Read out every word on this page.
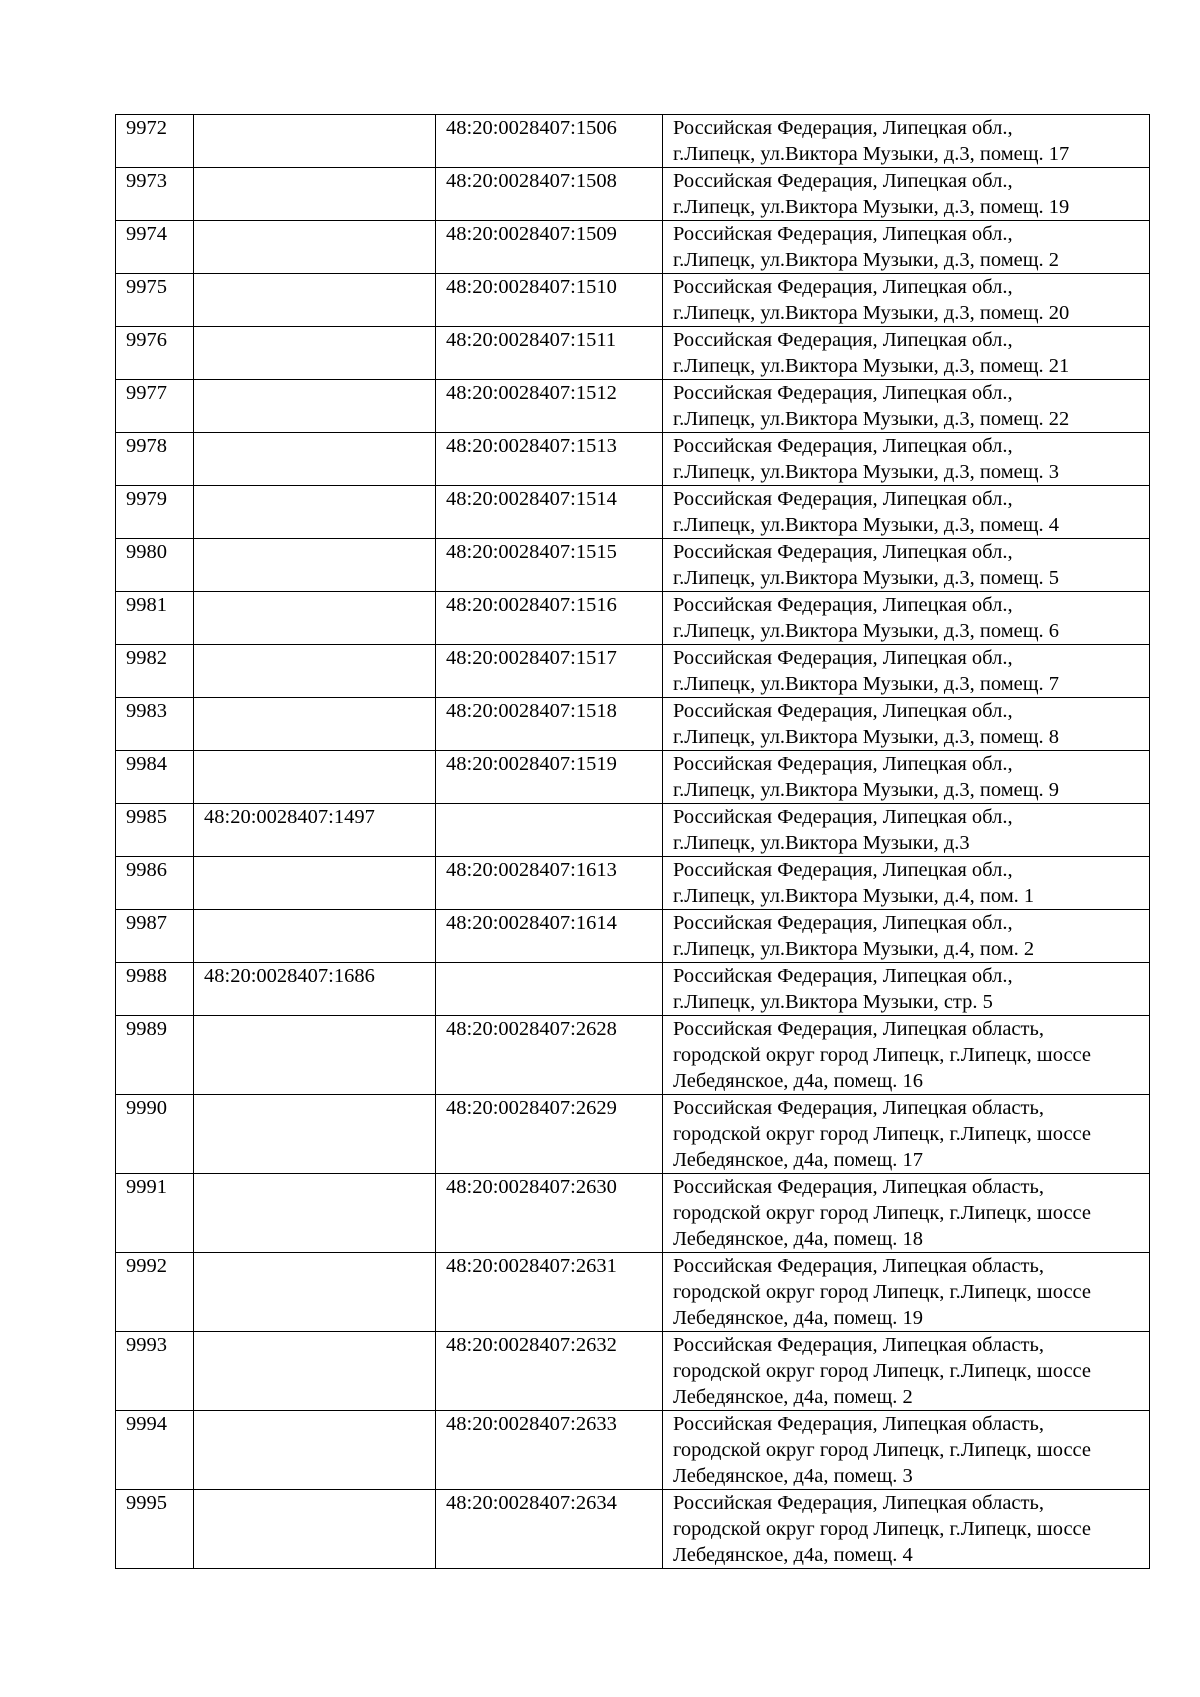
9972		48:20:0028407:1506	Российская Федерация, Липецкая обл.,
г.Липецк, ул.Виктора Музыки, д.3, помещ. 17

9973		48:20:0028407:1508	Российская Федерация, Липецкая обл.,
г.Липецк, ул.Виктора Музыки, д.3, помещ. 19

9974		48:20:0028407:1509	Российская Федерация, Липецкая обл.,
г.Липецк, ул.Виктора Музыки, д.3, помещ. 2

9975		48:20:0028407:1510	Российская Федерация, Липецкая обл.,
г.Липецк, ул.Виктора Музыки, д.3, помещ. 20

9976		48:20:0028407:1511	Российская Федерация, Липецкая обл.,
г.Липецк, ул.Виктора Музыки, д.3, помещ. 21

9977		48:20:0028407:1512	Российская Федерация, Липецкая обл.,
г.Липецк, ул.Виктора Музыки, д.3, помещ. 22

9978		48:20:0028407:1513	Российская Федерация, Липецкая обл.,
г.Липецк, ул.Виктора Музыки, д.3, помещ. 3

9979		48:20:0028407:1514	Российская Федерация, Липецкая обл.,
г.Липецк, ул.Виктора Музыки, д.3, помещ. 4

9980		48:20:0028407:1515	Российская Федерация, Липецкая обл.,
г.Липецк, ул.Виктора Музыки, д.3, помещ. 5

9981		48:20:0028407:1516	Российская Федерация, Липецкая обл.,
г.Липецк, ул.Виктора Музыки, д.3, помещ. 6

9982		48:20:0028407:1517	Российская Федерация, Липецкая обл.,
г.Липецк, ул.Виктора Музыки, д.3, помещ. 7

9983		48:20:0028407:1518	Российская Федерация, Липецкая обл.,
г.Липецк, ул.Виктора Музыки, д.3, помещ. 8

9984		48:20:0028407:1519	Российская Федерация, Липецкая обл.,
г.Липецк, ул.Виктора Музыки, д.3, помещ. 9

9985	48:20:0028407:1497		Российская Федерация, Липецкая обл.,
г.Липецк, ул.Виктора Музыки, д.3

9986		48:20:0028407:1613	Российская Федерация, Липецкая обл.,
г.Липецк, ул.Виктора Музыки, д.4, пом. 1

9987		48:20:0028407:1614	Российская Федерация, Липецкая обл.,
г.Липецк, ул.Виктора Музыки, д.4, пом. 2

9988	48:20:0028407:1686		Российская Федерация, Липецкая обл.,
г.Липецк, ул.Виктора Музыки, стр. 5

9989		48:20:0028407:2628	Российская Федерация, Липецкая область,
городской округ город Липецк, г.Липецк, шоссе
Лебедянское, д4а, помещ. 16

9990		48:20:0028407:2629	Российская Федерация, Липецкая область,
городской округ город Липецк, г.Липецк, шоссе
Лебедянское, д4а, помещ. 17

9991		48:20:0028407:2630	Российская Федерация, Липецкая область,
городской округ город Липецк, г.Липецк, шоссе
Лебедянское, д4а, помещ. 18

9992		48:20:0028407:2631	Российская Федерация, Липецкая область,
городской округ город Липецк, г.Липецк, шоссе
Лебедянское, д4а, помещ. 19

9993		48:20:0028407:2632	Российская Федерация, Липецкая область,
городской округ город Липецк, г.Липецк, шоссе
Лебедянское, д4а, помещ. 2

9994		48:20:0028407:2633	Российская Федерация, Липецкая область,
городской округ город Липецк, г.Липецк, шоссе
Лебедянское, д4а, помещ. 3

9995		48:20:0028407:2634	Российская Федерация, Липецкая область,
городской округ город Липецк, г.Липецк, шоссе
Лебедянское, д4а, помещ. 4
